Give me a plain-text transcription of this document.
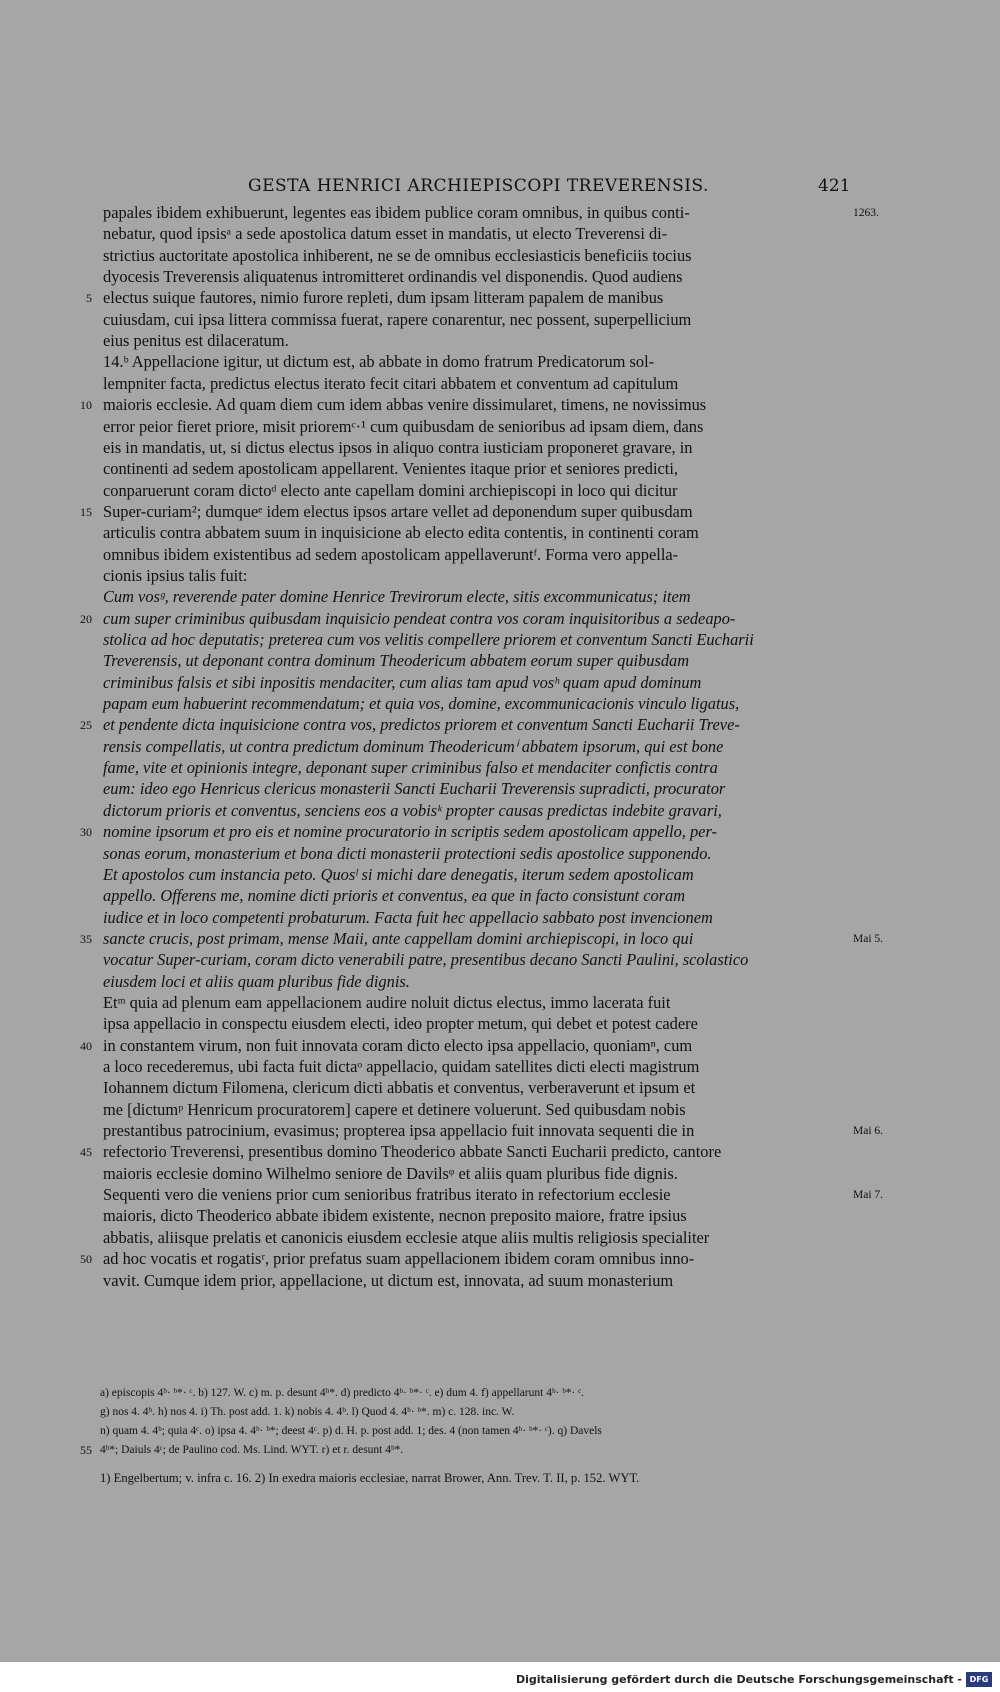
GESTA HENRICI ARCHIEPISCOPI TREVERENSIS.	421
papales ibidem exhibuerunt, legentes eas ibidem publice coram omnibus, in quibus conti-
nebatur, quod ipsisᵃ a sede apostolica datum esset in mandatis, ut electo Treverensi di-
strictius auctoritate apostolica inhiberent, ne se de omnibus ecclesiasticis beneficiis tocius
dyocesis Treverensis aliquatenus intromitteret ordinandis vel disponendis. Quod audiens
electus suique fautores, nimio furore repleti, dum ipsam litteram papalem de manibus
cuiusdam, cui ipsa littera commissa fuerat, rapere conarentur, nec possent, superpellicium
eius penitus est dilaceratum.
14.ᵇ Appellacione igitur, ut dictum est, ab abbate in domo fratrum Predicatorum sol-
lempniter facta, predictus electus iterato fecit citari abbatem et conventum ad capitulum
maioris ecclesie. Ad quam diem cum idem abbas venire dissimularet, timens, ne novissimus
error peior fieret priore, misit prioremᶜ·¹ cum quibusdam de senioribus ad ipsam diem, dans
eis in mandatis, ut, si dictus electus ipsos in aliquo contra iusticiam proponeret gravare, in
continenti ad sedem apostolicam appellarent. Venientes itaque prior et seniores predicti,
conparuerunt coram dictoᵈ electo ante capellam domini archiepiscopi in loco qui dicitur
Super-curiam²; dumqueᵉ idem electus ipsos artare vellet ad deponendum super quibusdam
articulis contra abbatem suum in inquisicione ab electo edita contentis, in continenti coram
omnibus ibidem existentibus ad sedem apostolicam appellaveruntᶠ. Forma vero appella-
cionis ipsius talis fuit:
Cum vosᵍ, reverende pater domine Henrice Trevirorum electe, sitis excommunicatus; item
cum super criminibus quibusdam inquisicio pendeat contra vos coram inquisitoribus a sedeapo-
stolica ad hoc deputatis; preterea cum vos velitis compellere priorem et conventum Sancti Eucharii
Treverensis, ut deponant contra dominum Theodericum abbatem eorum super quibusdam
criminibus falsis et sibi inpositis mendaciter, cum alias tam apud vosʰ quam apud dominum
papam eum habuerint recommendatum; et quia vos, domine, excommunicacionis vinculo ligatus,
et pendente dicta inquisicione contra vos, predictos priorem et conventum Sancti Eucharii Treve-
rensis compellatis, ut contra predictum dominum Theodericumⁱ abbatem ipsorum, qui est bone
fame, vite et opinionis integre, deponant super criminibus falso et mendaciter confictis contra
eum: ideo ego Henricus clericus monasterii Sancti Eucharii Treverensis supradicti, procurator
dictorum prioris et conventus, senciens eos a vobisᵏ propter causas predictas indebite gravari,
nomine ipsorum et pro eis et nomine procuratorio in scriptis sedem apostolicam appello, per-
sonas eorum, monasterium et bona dicti monasterii protectioni sedis apostolice supponendo.
Et apostolos cum instancia peto. Quosˡ si michi dare denegatis, iterum sedem apostolicam
appello. Offerens me, nomine dicti prioris et conventus, ea que in facto consistunt coram
iudice et in loco competenti probaturum. Facta fuit hec appellacio sabbato post invencionem
sancte crucis, post primam, mense Maii, ante cappellam domini archiepiscopi, in loco qui
vocatur Super-curiam, coram dicto venerabili patre, presentibus decano Sancti Paulini, scolastico
eiusdem loci et aliis quam pluribus fide dignis.
Etᵐ quia ad plenum eam appellacionem audire noluit dictus electus, immo lacerata fuit
ipsa appellacio in conspectu eiusdem electi, ideo propter metum, qui debet et potest cadere
in constantem virum, non fuit innovata coram dicto electo ipsa appellacio, quoniamⁿ, cum
a loco recederemus, ubi facta fuit dictaᵒ appellacio, quidam satellites dicti electi magistrum
Iohannem dictum Filomena, clericum dicti abbatis et conventus, verberaverunt et ipsum et
me [dictumᵖ Henricum procuratorem] capere et detinere voluerunt. Sed quibusdam nobis
prestantibus patrocinium, evasimus; propterea ipsa appellacio fuit innovata sequenti die in
refectorio Treverensi, presentibus domino Theoderico abbate Sancti Eucharii predicto, cantore
maioris ecclesie domino Wilhelmo seniore de Davilsᵠ et aliis quam pluribus fide dignis.
Sequenti vero die veniens prior cum senioribus fratribus iterato in refectorium ecclesie
maioris, dicto Theoderico abbate ibidem existente, necnon preposito maiore, fratre ipsius
abbatis, aliisque prelatis et canonicis eiusdem ecclesie atque aliis multis religiosis specialiter
ad hoc vocatis et rogatisʳ, prior prefatus suam appellacionem ibidem coram omnibus inno-
vavit. Cumque idem prior, appellacione, ut dictum est, innovata, ad suum monasterium
5
10
15
20
25
30
35
40
45
50
1263.
Mai 5.
Mai 6.
Mai 7.
a) episcopis 4ᵇ· ᵇ*· ᶜ. b) 127. W. c) m. p. desunt 4ᵇ*. d) predicto 4ᵇ· ᵇ*· ᶜ. e) dum 4. f) appellarunt 4ᵇ· ᵇ*· ᶜ.
g) nos 4. 4ᵇ. h) nos 4. i) Th. post add. 1. k) nobis 4. 4ᵇ. l) Quod 4. 4ᵇ· ᵇ*. m) c. 128. inc. W.
n) quam 4. 4ᵇ; quia 4ᶜ. o) ipsa 4. 4ᵇ· ᵇ*; deest 4ᶜ. p) d. H. p. post add. 1; des. 4 (non tamen 4ᵇ· ᵇ*· ᶜ). q) Davels
4ᵇ*; Daiuls 4ᶜ; de Paulino cod. Ms. Lind. WYT. r) et r. desunt 4ᵇ*.
55
1) Engelbertum; v. infra c. 16. 2) In exedra maioris ecclesiae, narrat Brower, Ann. Trev. T. II, p. 152. WYT.
Digitalisierung gefördert durch die Deutsche Forschungsgemeinschaft - DFG
